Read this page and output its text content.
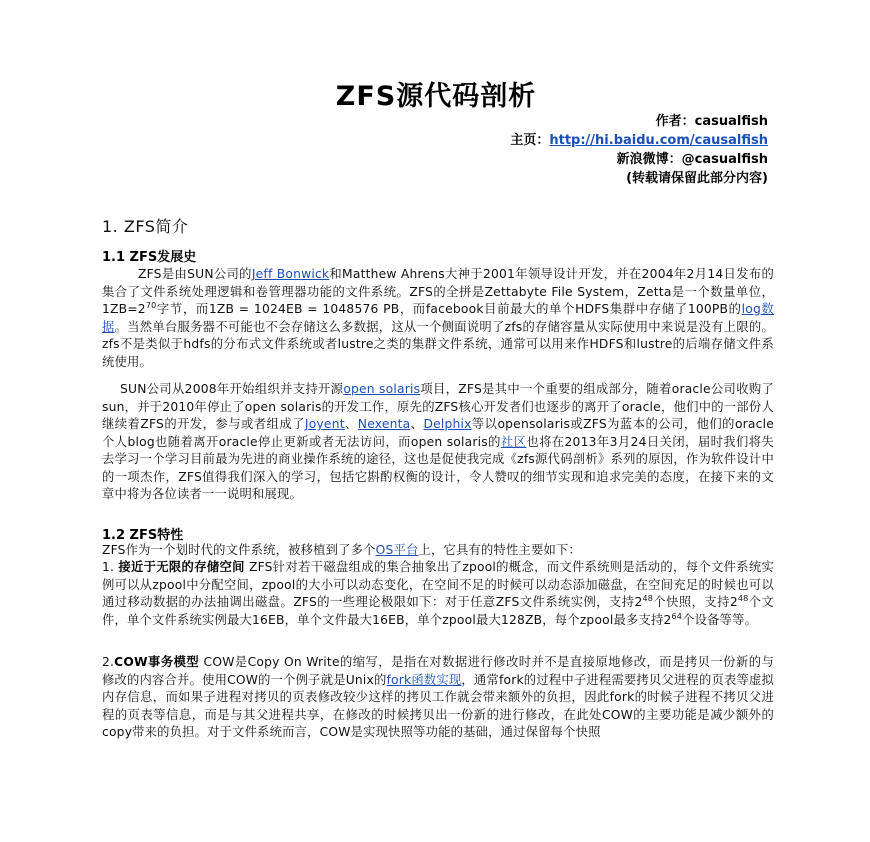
ZFS源代码剖析
作者：casualfish
主页：http://hi.baidu.com/causalfish
新浪微博：@casualfish
(转载请保留此部分内容)
1. ZFS简介
1.1 ZFS发展史
ZFS是由SUN公司的Jeff Bonwick和Matthew Ahrens大神于2001年领导设计开发，并在2004年2月14日发布的集合了文件系统处理逻辑和卷管理器功能的文件系统。ZFS的全拼是Zettabyte File System，Zetta是一个数量单位，$1ZB=2^{70}$字节，而1ZB = 1024EB = 1048576 PB，而facebook目前最大的单个HDFS集群中存储了100PB的log数据。当然单台服务器不可能也不会存储这么多数据，这从一个侧面说明了zfs的存储容量从实际使用中来说是没有上限的。zfs不是类似于hdfs的分布式文件系统或者lustre之类的集群文件系统，通常可以用来作HDFS和lustre的后端存储文件系统使用。
SUN公司从2008年开始组织并支持开源open solaris项目，ZFS是其中一个重要的组成部分，随着oracle公司收购了sun，并于2010年停止了open solaris的开发工作，原先的ZFS核心开发者们也逐步的离开了oracle，他们中的一部份人继续着ZFS的开发，参与或者组成了Joyent、Nexenta、Delphix等以opensolaris或ZFS为蓝本的公司，他们的oracle个人blog也随着离开oracle停止更新或者无法访问，而open solaris的社区也将在2013年3月24日关闭，届时我们将失去学习一个学习目前最为先进的商业操作系统的途径，这也是促使我完成《zfs源代码剖析》系列的原因，作为软件设计中的一项杰作，ZFS值得我们深入的学习，包括它斟酌权衡的设计，令人赞叹的细节实现和追求完美的态度，在接下来的文章中将为各位读者一一说明和展现。
1.2 ZFS特性
ZFS作为一个划时代的文件系统，被移植到了多个OS平台上，它具有的特性主要如下：
1. 接近于无限的存储空间 ZFS针对若干磁盘组成的集合抽象出了zpool的概念，而文件系统则是活动的，每个文件系统实例可以从zpool中分配空间，zpool的大小可以动态变化，在空间不足的时候可以动态添加磁盘，在空间充足的时候也可以通过移动数据的办法抽调出磁盘。ZFS的一些理论极限如下：对于任意ZFS文件系统实例，支持$2^{48}$个快照，支持$2^{48}$个文件，单个文件系统实例最大16EB，单个文件最大16EB，单个zpool最大128ZB，每个zpool最多支持$2^{64}$个设备等等。
2.COW事务模型 COW是Copy On Write的缩写，是指在对数据进行修改时并不是直接原地修改，而是拷贝一份新的与修改的内容合并。使用COW的一个例子就是Unix的fork函数实现，通常fork的过程中子进程需要拷贝父进程的页表等虚拟内存信息，而如果子进程对拷贝的页表修改较少这样的拷贝工作就会带来额外的负担，因此fork的时候子进程不拷贝父进程的页表等信息，而是与其父进程共享，在修改的时候拷贝出一份新的进行修改，在此处COW的主要功能是减少额外的copy带来的负担。对于文件系统而言，COW是实现快照等功能的基础，通过保留每个快照
